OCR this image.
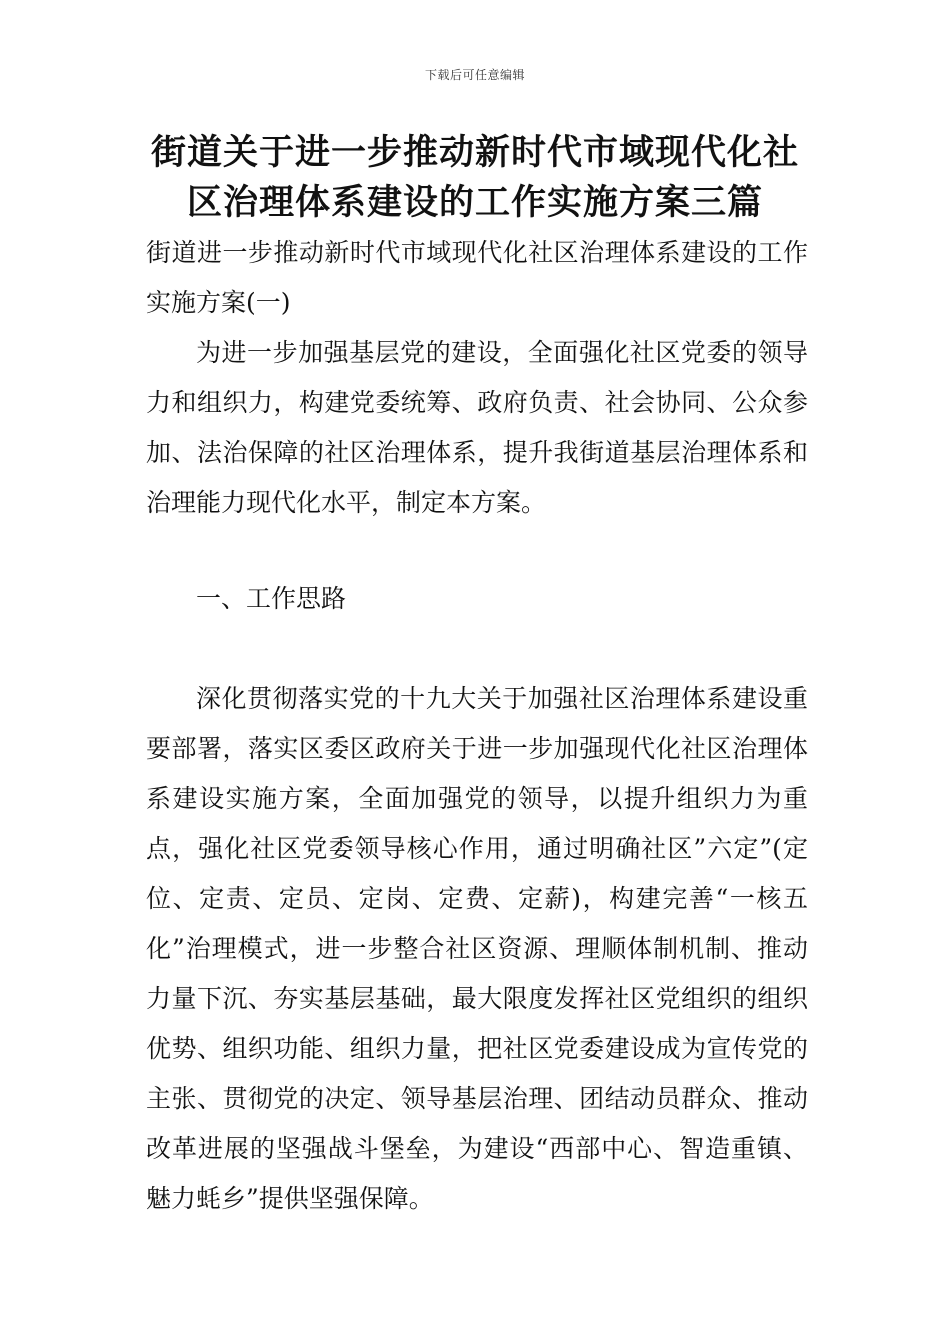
下载后可任意编辑
街道关于进一步推动新时代市域现代化社区治理体系建设的工作实施方案三篇

街道进一步推动新时代市域现代化社区治理体系建设的工作实施方案(一)

为进一步加强基层党的建设，全面强化社区党委的领导力和组织力，构建党委统筹、政府负责、社会协同、公众参加、法治保障的社区治理体系，提升我街道基层治理体系和治理能力现代化水平，制定本方案。

一、工作思路

深化贯彻落实党的十九大关于加强社区治理体系建设重要部署，落实区委区政府关于进一步加强现代化社区治理体系建设实施方案，全面加强党的领导，以提升组织力为重点，强化社区党委领导核心作用，通过明确社区”六定”(定位、定责、定员、定岗、定费、定薪)，构建完善“一核五化”治理模式，进一步整合社区资源、理顺体制机制、推动力量下沉、夯实基层基础，最大限度发挥社区党组织的组织优势、组织功能、组织力量，把社区党委建设成为宣传党的主张、贯彻党的决定、领导基层治理、团结动员群众、推动改革进展的坚强战斗堡垒，为建设“西部中心、智造重镇、魅力蚝乡”提供坚强保障。
